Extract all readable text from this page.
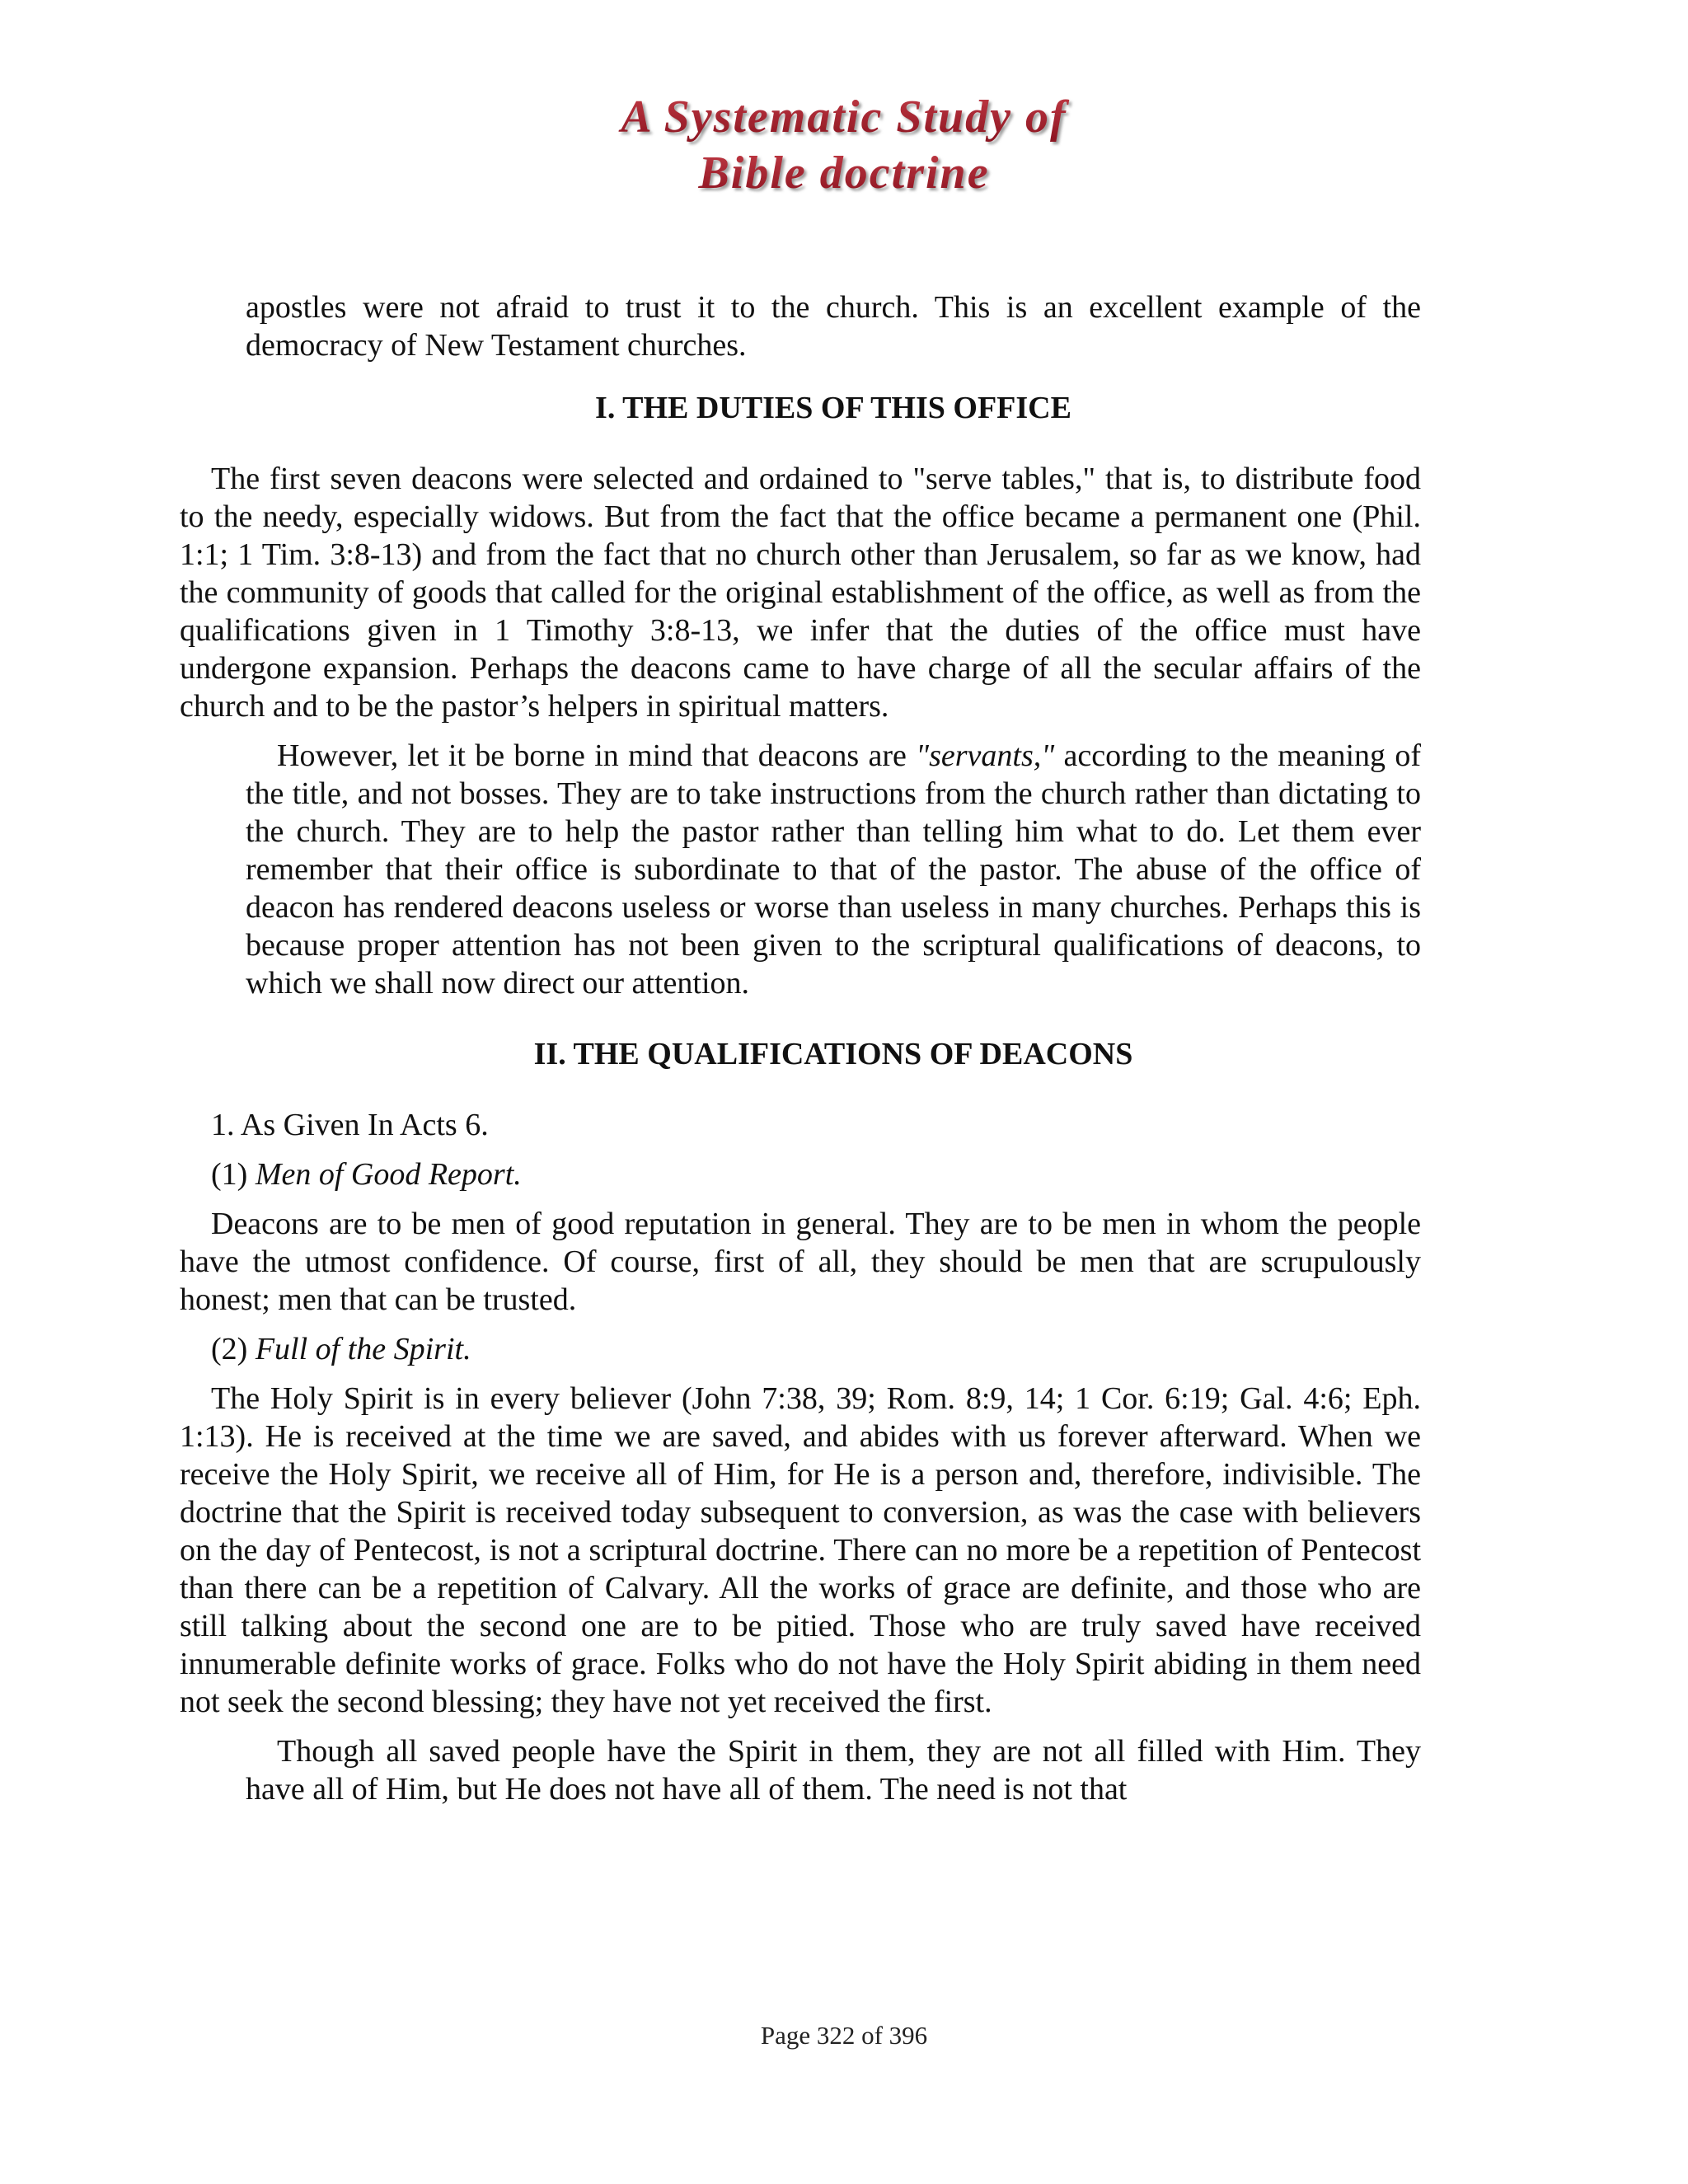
A Systematic Study of
Bible doctrine

apostles were not afraid to trust it to the church. This is an excellent example of the democracy of New Testament churches.

I. THE DUTIES OF THIS OFFICE

The first seven deacons were selected and ordained to "serve tables," that is, to distribute food to the needy, especially widows. But from the fact that the office became a permanent one (Phil. 1:1; 1 Tim. 3:8-13) and from the fact that no church other than Jerusalem, so far as we know, had the community of goods that called for the original establishment of the office, as well as from the qualifications given in 1 Timothy 3:8-13, we infer that the duties of the office must have undergone expansion. Perhaps the deacons came to have charge of all the secular affairs of the church and to be the pastor’s helpers in spiritual matters.

However, let it be borne in mind that deacons are "servants," according to the meaning of the title, and not bosses. They are to take instructions from the church rather than dictating to the church. They are to help the pastor rather than telling him what to do. Let them ever remember that their office is subordinate to that of the pastor. The abuse of the office of deacon has rendered deacons useless or worse than useless in many churches. Perhaps this is because proper attention has not been given to the scriptural qualifications of deacons, to which we shall now direct our attention.

II. THE QUALIFICATIONS OF DEACONS

1. As Given In Acts 6.

(1) Men of Good Report.

Deacons are to be men of good reputation in general. They are to be men in whom the people have the utmost confidence. Of course, first of all, they should be men that are scrupulously honest; men that can be trusted.

(2) Full of the Spirit.

The Holy Spirit is in every believer (John 7:38, 39; Rom. 8:9, 14; 1 Cor. 6:19; Gal. 4:6; Eph. 1:13). He is received at the time we are saved, and abides with us forever afterward. When we receive the Holy Spirit, we receive all of Him, for He is a person and, therefore, indivisible. The doctrine that the Spirit is received today subsequent to conversion, as was the case with believers on the day of Pentecost, is not a scriptural doctrine. There can no more be a repetition of Pentecost than there can be a repetition of Calvary. All the works of grace are definite, and those who are still talking about the second one are to be pitied. Those who are truly saved have received innumerable definite works of grace. Folks who do not have the Holy Spirit abiding in them need not seek the second blessing; they have not yet received the first.

Though all saved people have the Spirit in them, they are not all filled with Him. They have all of Him, but He does not have all of them. The need is not that

Page 322 of 396
